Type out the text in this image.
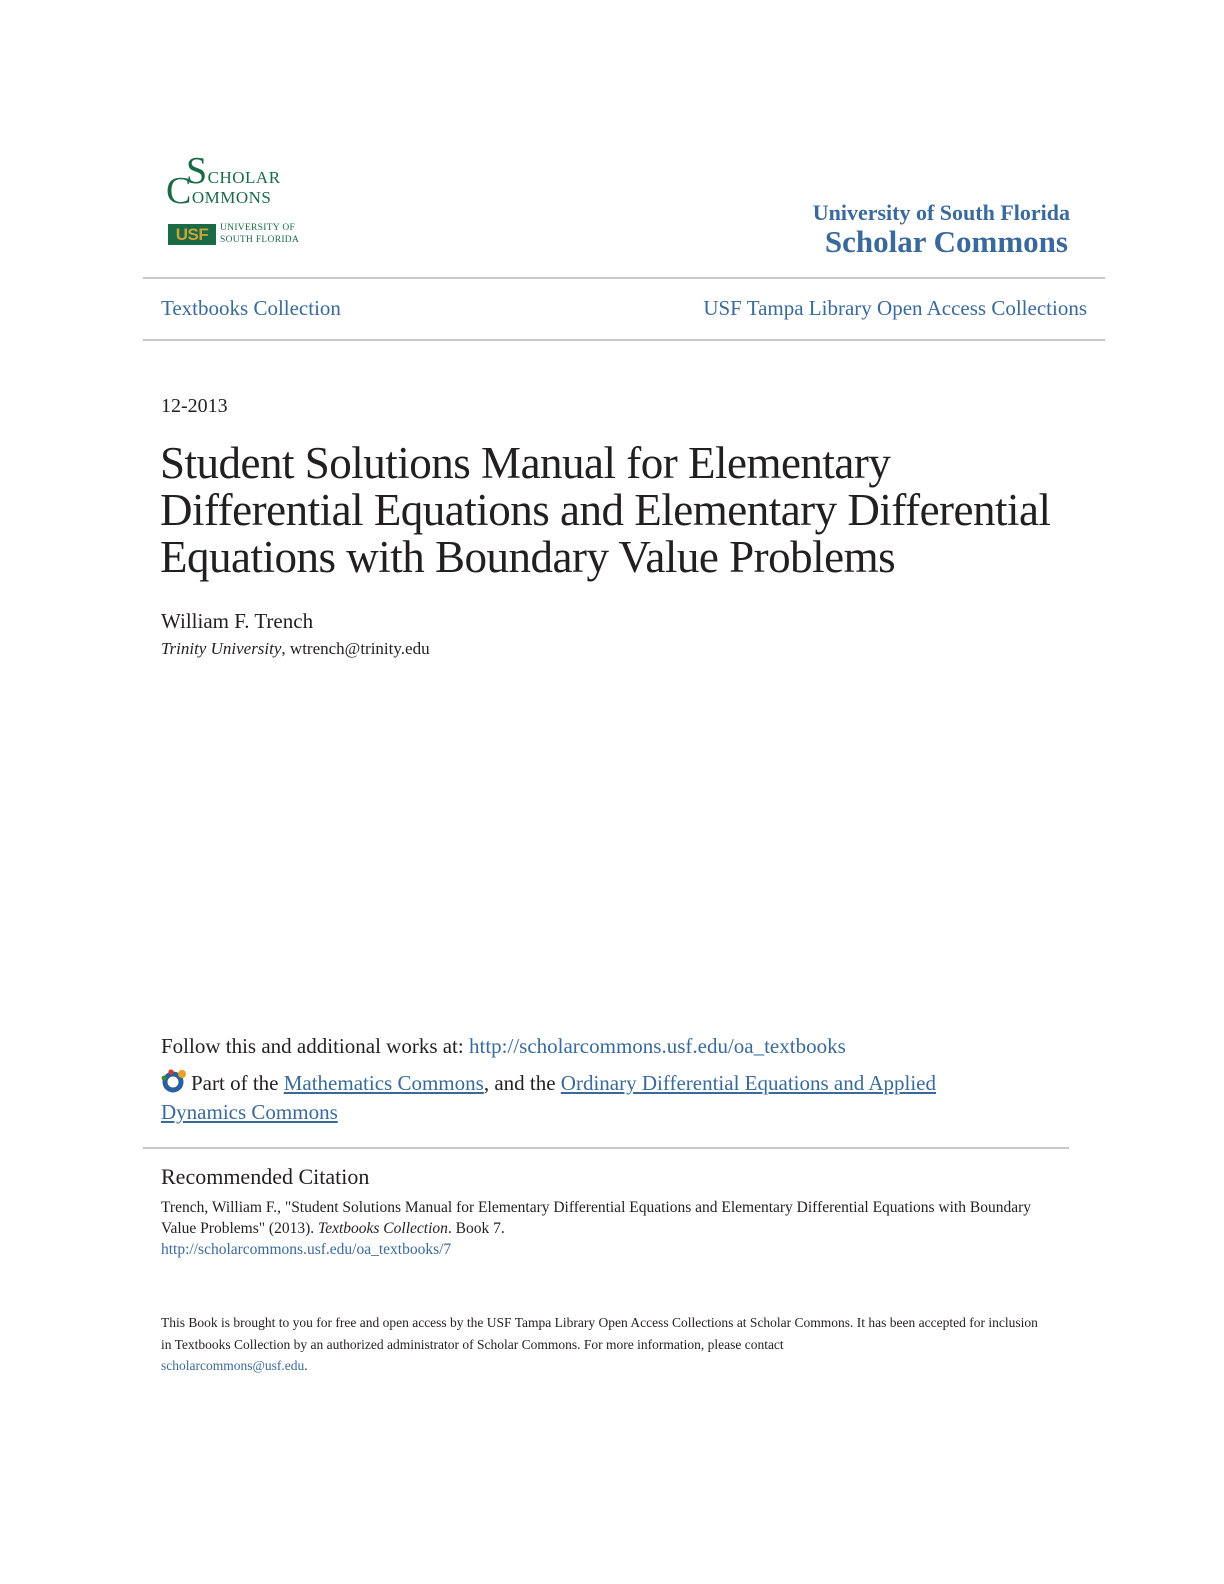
SCHOLAR
COMMONS
USF	UNIVERSITY OF
SOUTH FLORIDA
University of South Florida
Scholar Commons
Textbooks Collection	USF Tampa Library Open Access Collections
12-2013
Student Solutions Manual for Elementary Differential Equations and Elementary Differential Equations with Boundary Value Problems
William F. Trench
Trinity University, wtrench@trinity.edu
Follow this and additional works at: http://scholarcommons.usf.edu/oa_textbooks
Part of the Mathematics Commons, and the Ordinary Differential Equations and Applied Dynamics Commons
Recommended Citation
Trench, William F., "Student Solutions Manual for Elementary Differential Equations and Elementary Differential Equations with Boundary Value Problems" (2013). Textbooks Collection. Book 7.
http://scholarcommons.usf.edu/oa_textbooks/7
This Book is brought to you for free and open access by the USF Tampa Library Open Access Collections at Scholar Commons. It has been accepted for inclusion in Textbooks Collection by an authorized administrator of Scholar Commons. For more information, please contact
scholarcommons@usf.edu.
